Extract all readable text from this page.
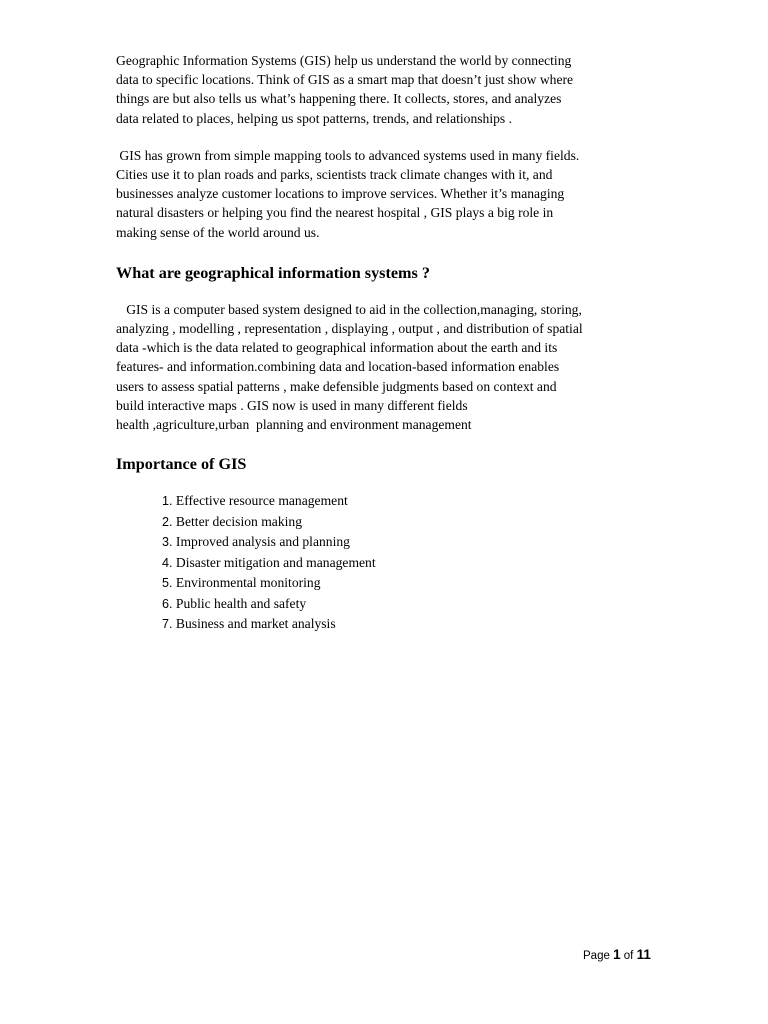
Geographic Information Systems (GIS) help us understand the world by connecting
data to specific locations. Think of GIS as a smart map that doesn’t just show where
things are but also tells us what’s happening there. It collects, stores, and analyzes
data related to places, helping us spot patterns, trends, and relationships .

GIS has grown from simple mapping tools to advanced systems used in many fields.
Cities use it to plan roads and parks, scientists track climate changes with it, and
businesses analyze customer locations to improve services. Whether it’s managing
natural disasters or helping you find the nearest hospital , GIS plays a big role in
making sense of the world around us.

What are geographical information systems ?

GIS is a computer based system designed to aid in the collection,managing, storing,
analyzing , modelling , representation , displaying , output , and distribution of spatial
data -which is the data related to geographical information about the earth and its
features- and information.combining data and location-based information enables
users to assess spatial patterns , make defensible judgments based on context and
build interactive maps . GIS now is used in many different fields
health ,agriculture,urban  planning and environment management

Importance of GIS
1. Effective resource management
2. Better decision making
3. Improved analysis and planning
4. Disaster mitigation and management
5. Environmental monitoring
6. Public health and safety
7. Business and market analysis
Page 1 of 11
